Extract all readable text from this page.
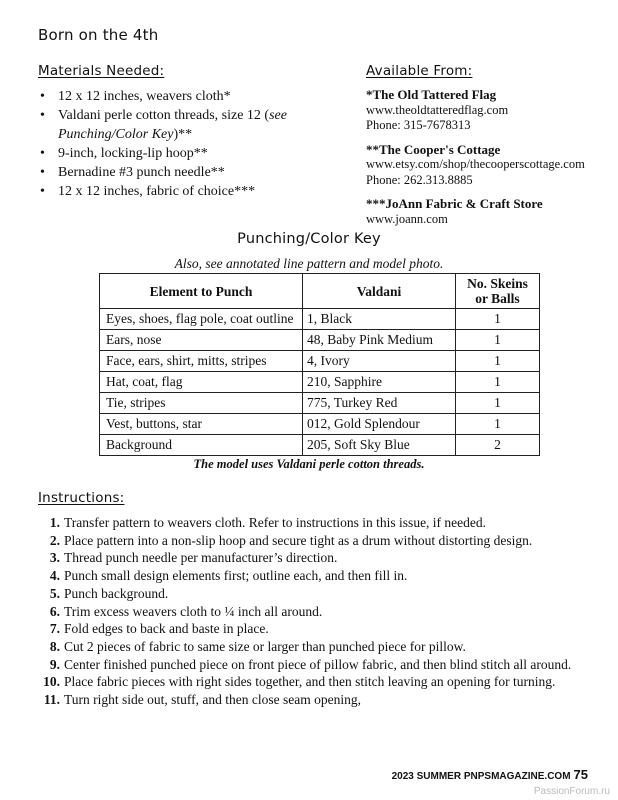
Born on the 4th
Materials Needed:
• 12 x 12 inches, weavers cloth*
• Valdani perle cotton threads, size 12 (see Punching/Color Key)**
• 9-inch, locking-lip hoop**
• Bernadine #3 punch needle**
• 12 x 12 inches, fabric of choice***
Available From:
*The Old Tattered Flag
www.theoldtatteredflag.com
Phone: 315-7678313
**The Cooper's Cottage
www.etsy.com/shop/thecooperscottage.com
Phone: 262.313.8885
***JoAnn Fabric & Craft Store
www.joann.com
Punching/Color Key
Also, see annotated line pattern and model photo.
Element to Punch	Valdani	No. Skeins or Balls
Eyes, shoes, flag pole, coat outline	1, Black	1
Ears, nose	48, Baby Pink Medium	1
Face, ears, shirt, mitts, stripes	4, Ivory	1
Hat, coat, flag	210, Sapphire	1
Tie, stripes	775, Turkey Red	1
Vest, buttons, star	012, Gold Splendour	1
Background	205, Soft Sky Blue	2
The model uses Valdani perle cotton threads.
Instructions:
1. Transfer pattern to weavers cloth. Refer to instructions in this issue, if needed.
2. Place pattern into a non-slip hoop and secure tight as a drum without distorting design.
3. Thread punch needle per manufacturer’s direction.
4. Punch small design elements first; outline each, and then fill in.
5. Punch background.
6. Trim excess weavers cloth to ¼ inch all around.
7. Fold edges to back and baste in place.
8. Cut 2 pieces of fabric to same size or larger than punched piece for pillow.
9. Center finished punched piece on front piece of pillow fabric, and then blind stitch all around.
10. Place fabric pieces with right sides together, and then stitch leaving an opening for turning.
11. Turn right side out, stuff, and then close seam opening,
2023 SUMMER PNPSMAGAZINE.COM 75
PassionForum.ru
